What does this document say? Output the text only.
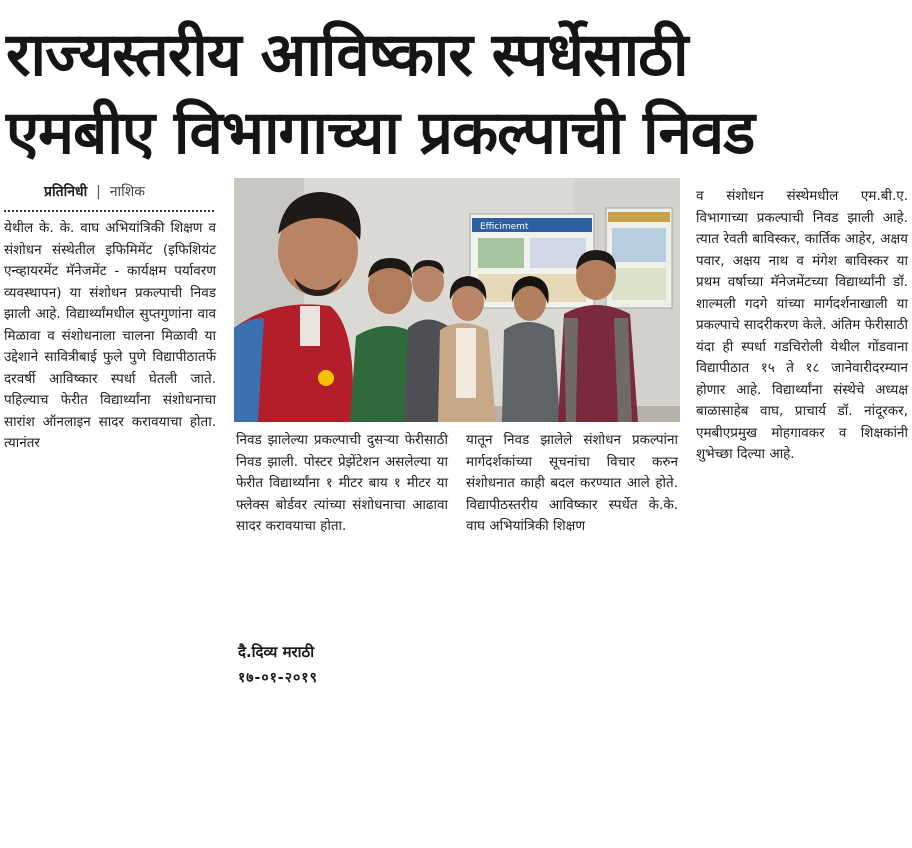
राज्यस्तरीय आविष्कार स्पर्धेसाठी
एमबीए विभागाच्या प्रकल्पाची निवड
प्रतिनिधी | नाशिक
येथील के. के. वाघ अभियांत्रिकी शिक्षण व संशोधन संस्थेतील इफिमिमेंट (इफिशियंट एन्व्हायरमेंट मॅनेजमेंट - कार्यक्षम पर्यावरण व्यवस्थापन) या संशोधन प्रकल्पाची निवड झाली आहे. विद्यार्थ्यांमधील सुप्तगुणांना वाव मिळावा व संशोधनाला चालना मिळावी या उद्देशाने सावित्रीबाई फुले पुणे विद्यापीठातर्फे दरवर्षी आविष्कार स्पर्धा घेतली जाते. पहिल्याच फेरीत विद्यार्थ्यांना संशोधनाचा सारांश ऑनलाइन सादर करावयाचा होता. त्यानंतर
Efficimemt
निवड झालेल्या प्रकल्पाची दुसऱ्या फेरीसाठी निवड झाली. पोस्टर प्रेझेंटेशन असलेल्या या फेरीत विद्यार्थ्यांना १ मीटर बाय १ मीटर या फ्लेक्स बोर्डवर त्यांच्या संशोधनाचा आढावा सादर करावयाचा होता.
यातून निवड झालेले संशोधन प्रकल्पांना मार्गदर्शकांच्या सूचनांचा विचार करुन संशोधनात काही बदल करण्यात आले होते. विद्यापीठस्तरीय आविष्कार स्पर्धेत के.के. वाघ अभियांत्रिकी शिक्षण
व संशोधन संस्थेमधील एम.बी.ए. विभागाच्या प्रकल्पाची निवड झाली आहे. त्यात रेवती बाविस्कर, कार्तिक आहेर, अक्षय पवार, अक्षय नाथ व मंगेश बाविस्कर या प्रथम वर्षाच्या मॅनेजमेंटच्या विद्यार्थ्यांनी डॉ. शाल्मली गदगे यांच्या मार्गदर्शनाखाली या प्रकल्पाचे सादरीकरण केले. अंतिम फेरीसाठी यंदा ही स्पर्धा गडचिरोली येथील गोंडवाना विद्यापीठात १५ ते १८ जानेवारीदरम्यान होणार आहे. विद्यार्थ्यांना संस्थेचे अध्यक्ष बाळासाहेब वाघ, प्राचार्य डॉ. नांदूरकर, एमबीएप्रमुख मोहगावकर व शिक्षकांनी शुभेच्छा दिल्या आहे.
दै.दिव्य मराठी
१७-०१-२०१९
